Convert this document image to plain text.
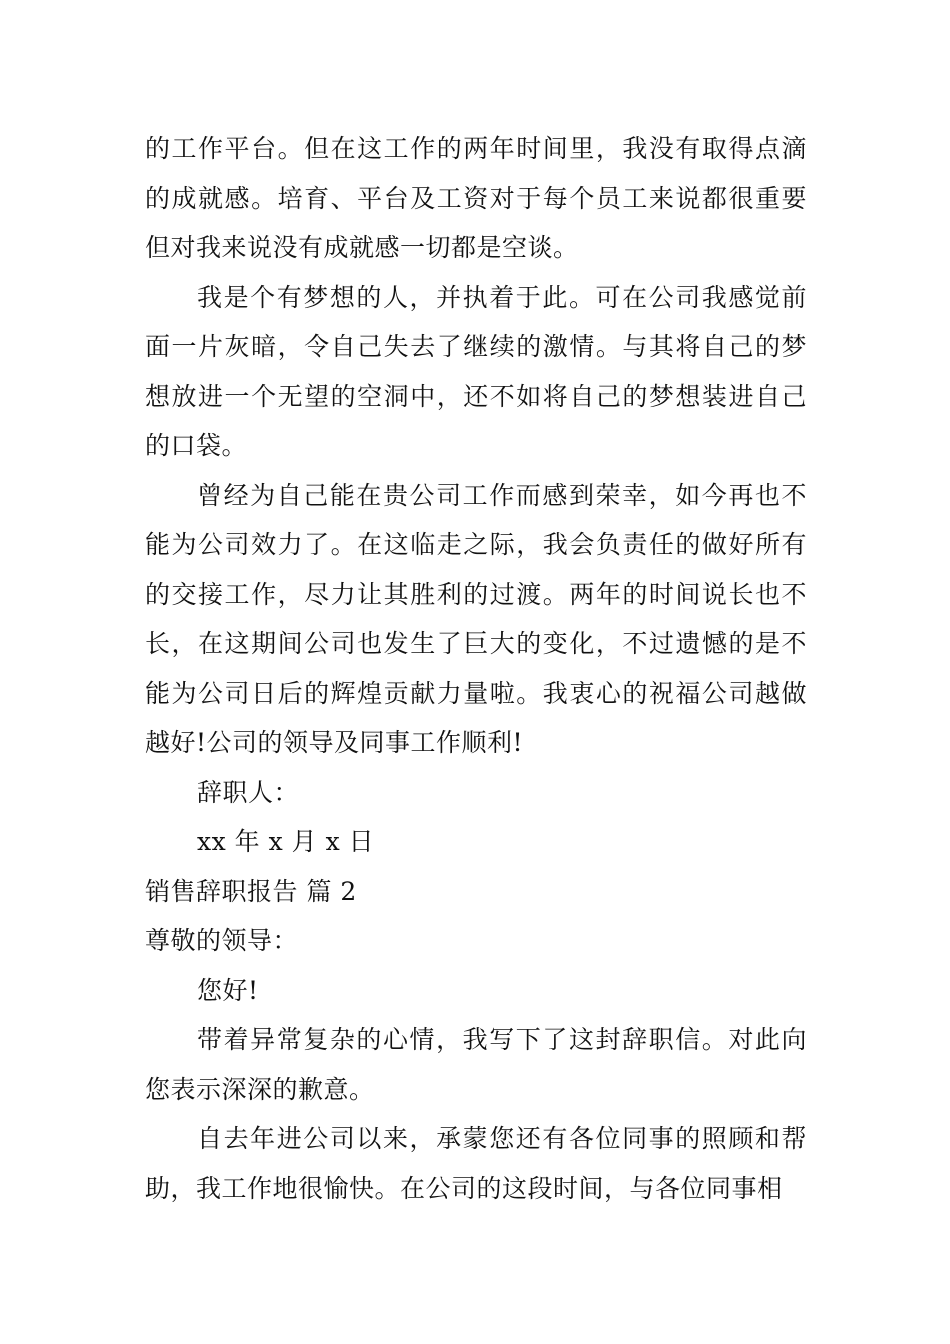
的工作平台。但在这工作的两年时间里，我没有取得点滴的成就感。培育、平台及工资对于每个员工来说都很重要但对我来说没有成就感一切都是空谈。

我是个有梦想的人，并执着于此。可在公司我感觉前面一片灰暗，令自己失去了继续的激情。与其将自己的梦想放进一个无望的空洞中，还不如将自己的梦想装进自己的口袋。

曾经为自己能在贵公司工作而感到荣幸，如今再也不能为公司效力了。在这临走之际，我会负责任的做好所有的交接工作，尽力让其胜利的过渡。两年的时间说长也不长，在这期间公司也发生了巨大的变化，不过遗憾的是不能为公司日后的辉煌贡献力量啦。我衷心的祝福公司越做越好!公司的领导及同事工作顺利!

辞职人：

xx 年 x 月 x 日

销售辞职报告 篇 2

尊敬的领导：

您好!

带着异常复杂的心情，我写下了这封辞职信。对此向您表示深深的歉意。

自去年进公司以来，承蒙您还有各位同事的照顾和帮助，我工作地很愉快。在公司的这段时间，与各位同事相
